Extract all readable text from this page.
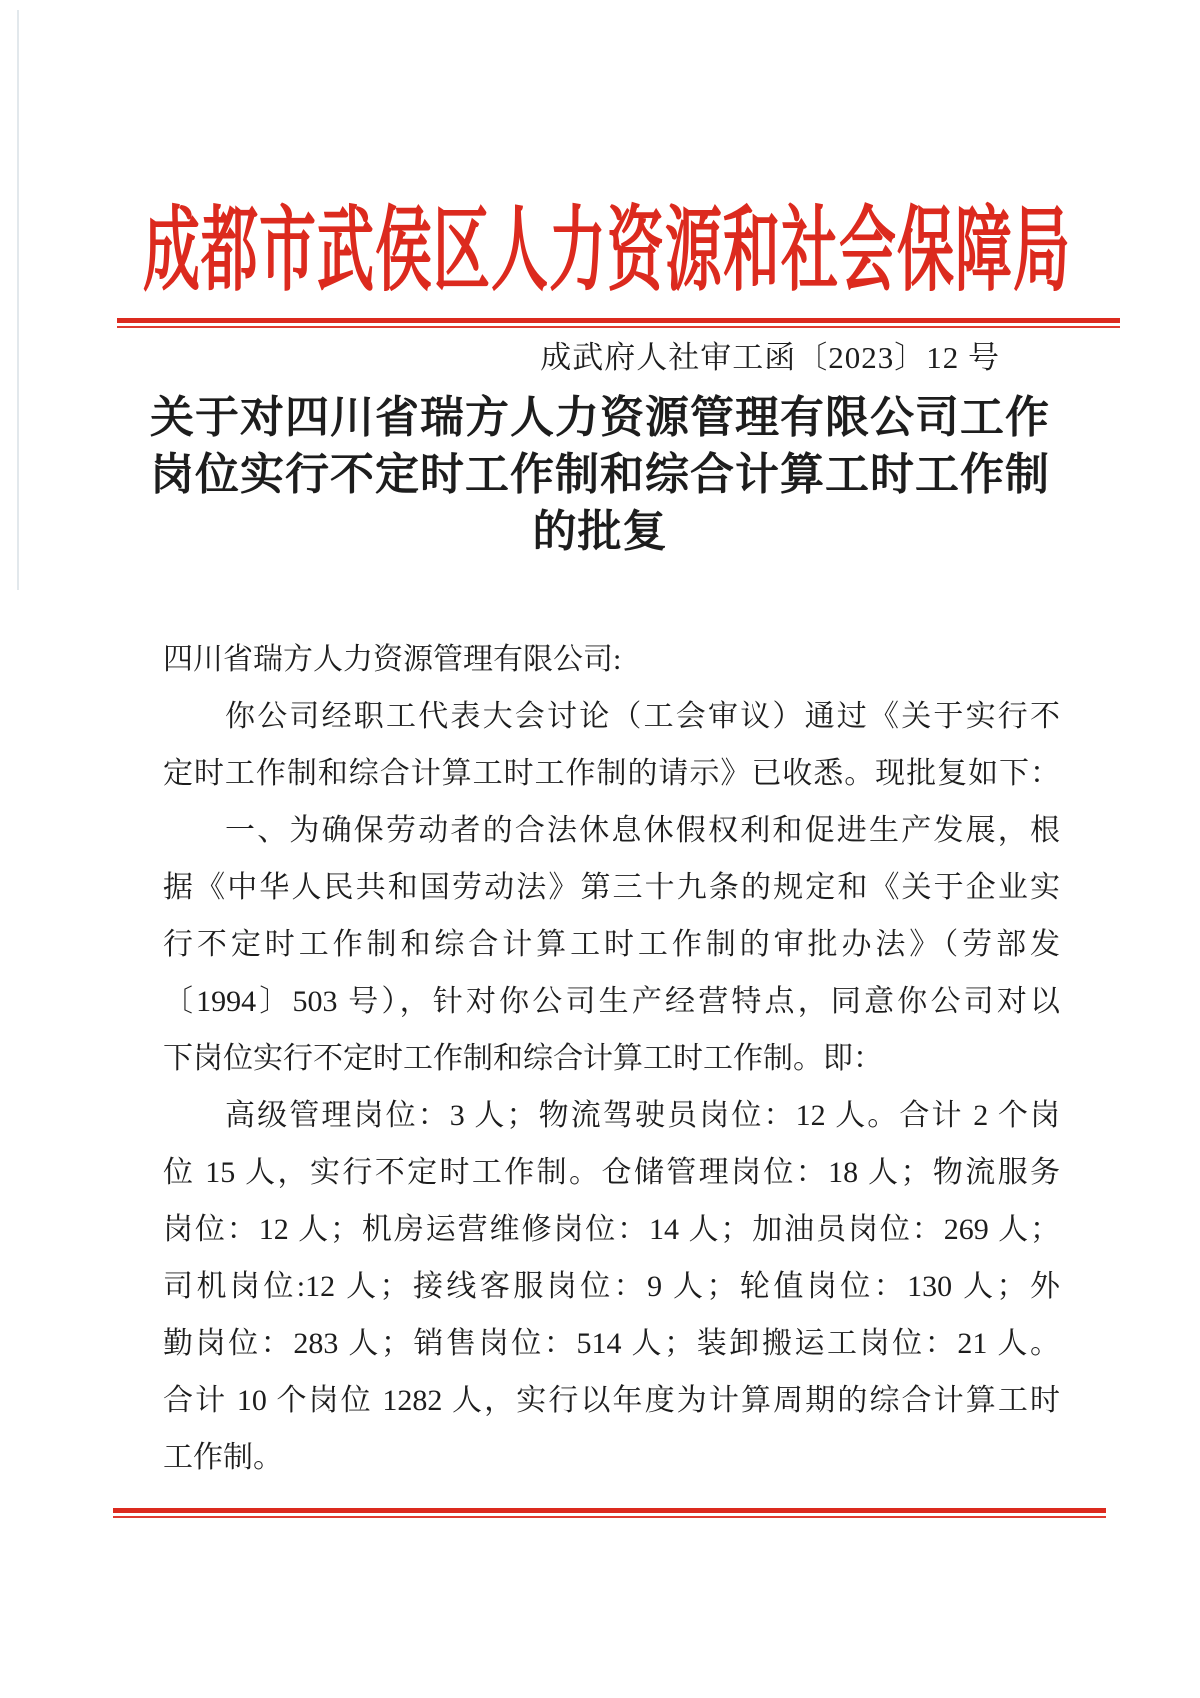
成都市武侯区人力资源和社会保障局
成武府人社审工函〔2023〕12 号
关于对四川省瑞方人力资源管理有限公司工作
岗位实行不定时工作制和综合计算工时工作制
的批复
四川省瑞方人力资源管理有限公司:
你公司经职工代表大会讨论（工会审议）通过《关于实行不
定时工作制和综合计算工时工作制的请示》已收悉。现批复如下：
一、为确保劳动者的合法休息休假权利和促进生产发展，根
据《中华人民共和国劳动法》第三十九条的规定和《关于企业实
行不定时工作制和综合计算工时工作制的审批办法》（劳部发
〔1994〕503 号），针对你公司生产经营特点，同意你公司对以
下岗位实行不定时工作制和综合计算工时工作制。即：
高级管理岗位：3 人；物流驾驶员岗位：12 人。合计 2 个岗
位 15 人，实行不定时工作制。仓储管理岗位：18 人；物流服务
岗位：12 人；机房运营维修岗位：14 人；加油员岗位：269 人；
司机岗位:12 人；接线客服岗位：9 人；轮值岗位：130 人；外
勤岗位：283 人；销售岗位：514 人；装卸搬运工岗位：21 人。
合计 10 个岗位 1282 人，实行以年度为计算周期的综合计算工时
工作制。
